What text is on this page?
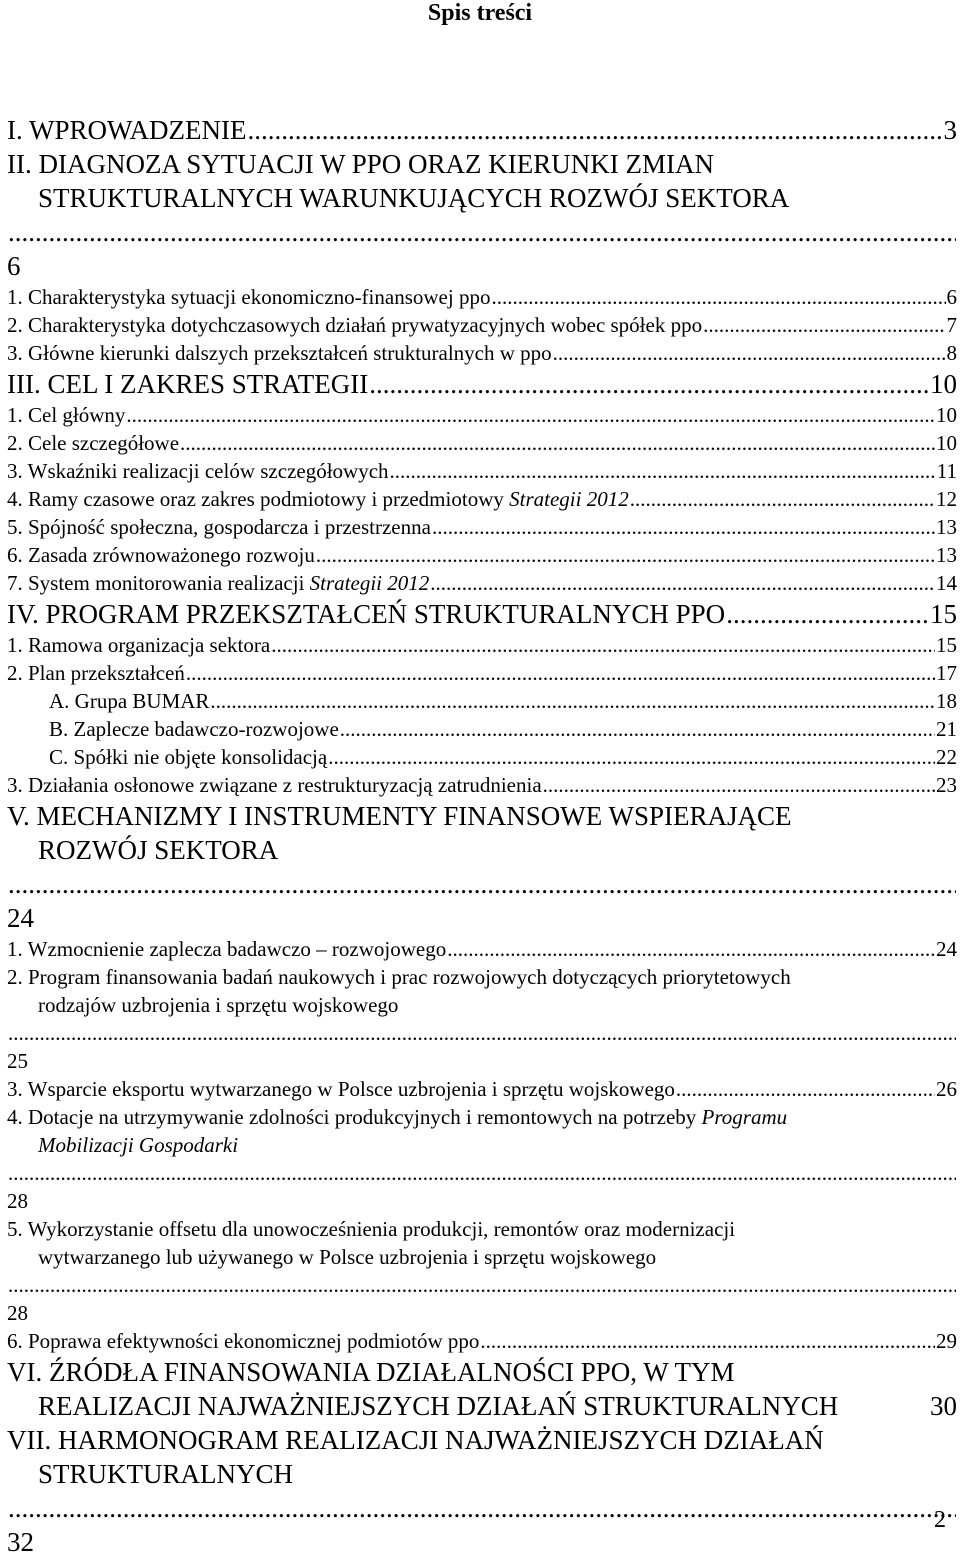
Spis treści
I. WPROWADZENIE .....	3
II. DIAGNOZA SYTUACJI W PPO ORAZ KIERUNKI ZMIAN
STRUKTURALNYCH WARUNKUJĄCYCH ROZWÓJ SEKTORA
.....
6
1. Charakterystyka sytuacji ekonomiczno-finansowej ppo .....	6
2. Charakterystyka dotychczasowych działań prywatyzacyjnych wobec spółek ppo .....	7
3. Główne kierunki dalszych przekształceń strukturalnych w ppo .....	8
III. CEL I ZAKRES STRATEGII .....	10
1. Cel główny .....	10
2. Cele szczegółowe .....	10
3. Wskaźniki realizacji celów szczegółowych .....	11
4. Ramy czasowe oraz zakres podmiotowy i przedmiotowy Strategii 2012 .....	12
5. Spójność społeczna, gospodarcza i przestrzenna .....	13
6. Zasada zrównoważonego rozwoju .....	13
7. System monitorowania realizacji Strategii 2012 .....	14
IV. PROGRAM PRZEKSZTAŁCEŃ STRUKTURALNYCH PPO .....	15
1. Ramowa organizacja sektora .....	15
2. Plan przekształceń .....	17
A. Grupa BUMAR .....	18
B. Zaplecze badawczo-rozwojowe .....	21
C. Spółki nie objęte konsolidacją .....	22
3. Działania osłonowe związane z restrukturyzacją zatrudnienia .....	23
V. MECHANIZMY I INSTRUMENTY FINANSOWE WSPIERAJĄCE
ROZWÓJ SEKTORA
.....
24
1. Wzmocnienie zaplecza badawczo – rozwojowego .....	24
2. Program finansowania badań naukowych i prac rozwojowych dotyczących priorytetowych
rodzajów uzbrojenia i sprzętu wojskowego
.....
25
3. Wsparcie eksportu wytwarzanego w Polsce uzbrojenia i sprzętu wojskowego .....	26
4. Dotacje na utrzymywanie zdolności produkcyjnych i remontowych na potrzeby Programu
Mobilizacji Gospodarki
.....
28
5. Wykorzystanie offsetu dla unowocześnienia produkcji, remontów oraz modernizacji
wytwarzanego lub używanego w Polsce uzbrojenia i sprzętu wojskowego
.....
28
6. Poprawa efektywności ekonomicznej podmiotów ppo .....	29
VI. ŹRÓDŁA FINANSOWANIA DZIAŁALNOŚCI PPO, W TYM
REALIZACJI NAJWAŻNIEJSZYCH DZIAŁAŃ STRUKTURALNYCH	30
VII. HARMONOGRAM REALIZACJI NAJWAŻNIEJSZYCH DZIAŁAŃ
STRUKTURALNYCH
.....
32
2
